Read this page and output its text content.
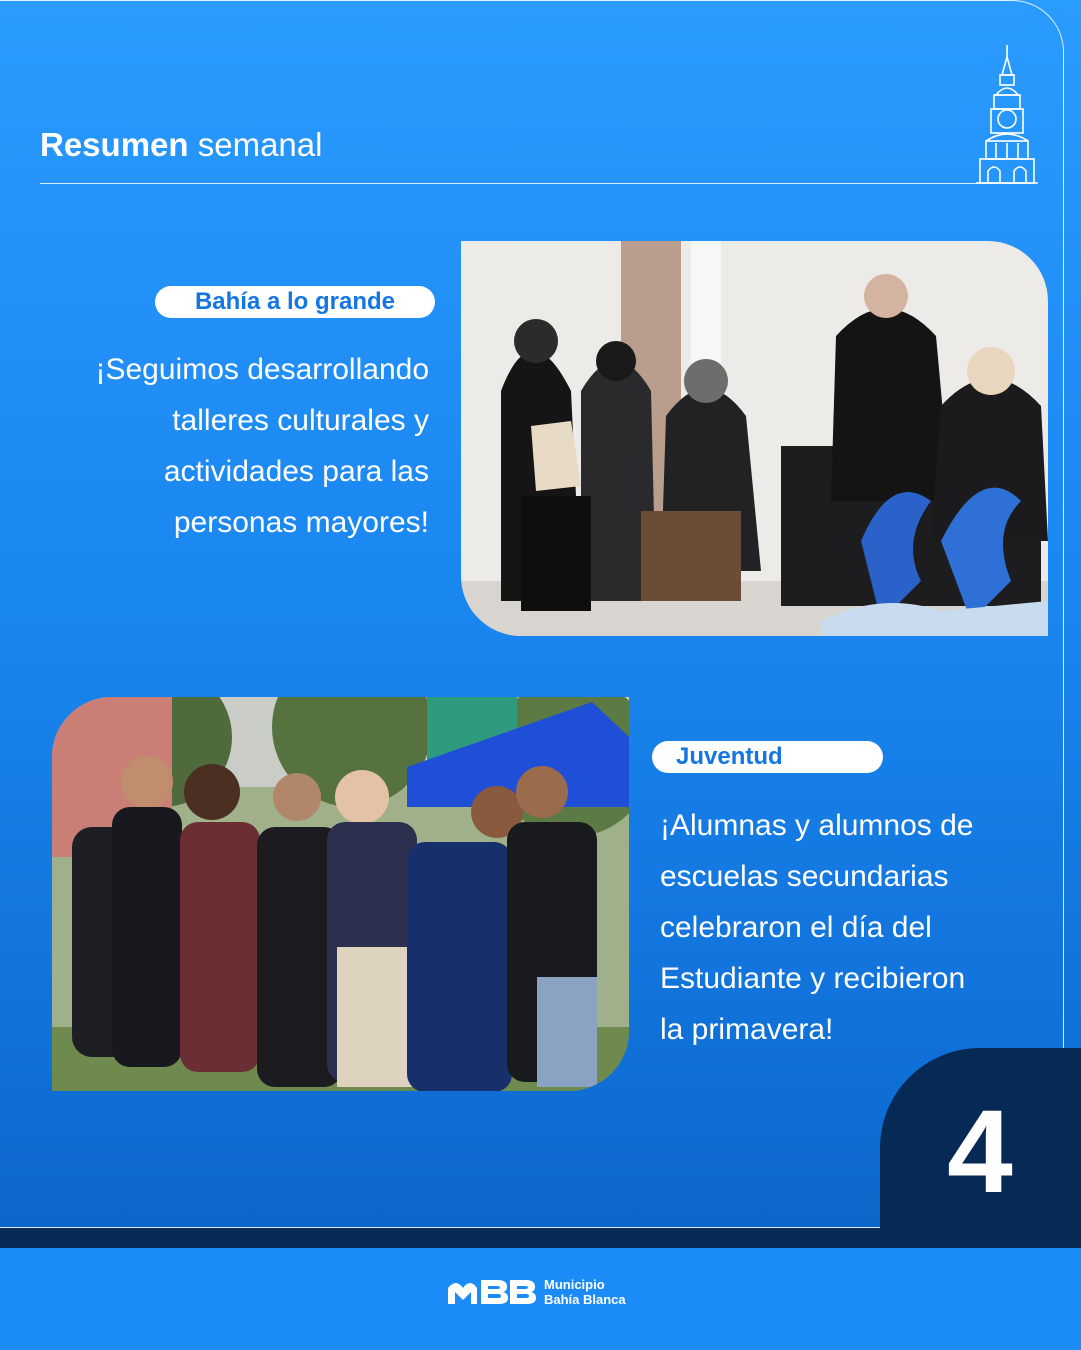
Resumen semanal
Bahía a lo grande
¡Seguimos desarrollando
talleres culturales y
actividades para las
personas mayores!
Juventud
¡Alumnas y alumnos de
escuelas secundarias
celebraron el día del
Estudiante y recibieron
la primavera!
4
Municipio
Bahía Blanca
